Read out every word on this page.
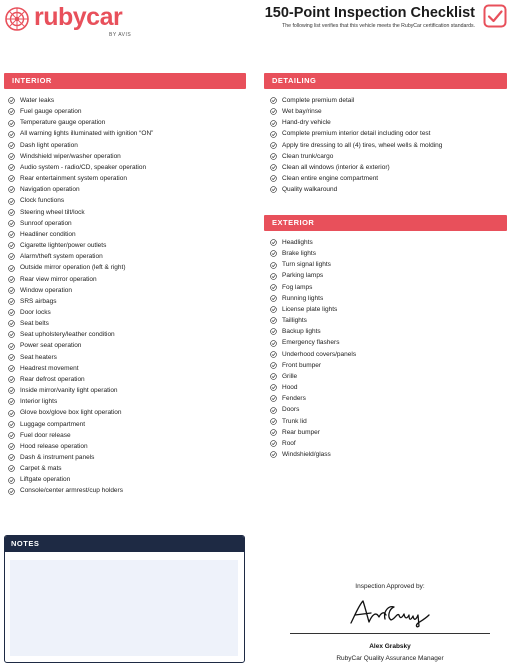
rubycar
BY AVIS
150-Point Inspection Checklist
The following list verifies that this vehicle meets the RubyCar certification standards.
INTERIOR
Water leaks
Fuel gauge operation
Temperature gauge operation
All warning lights illuminated with ignition “ON”
Dash light operation
Windshield wiper/washer operation
Audio system - radio/CD, speaker operation
Rear entertainment system operation
Navigation operation
Clock functions
Steering wheel tilt/lock
Sunroof operation
Headliner condition
Cigarette lighter/power outlets
Alarm/theft system operation
Outside mirror operation (left & right)
Rear view mirror operation
Window operation
SRS airbags
Door locks
Seat belts
Seat upholstery/leather condition
Power seat operation
Seat heaters
Headrest movement
Rear defrost operation
Inside mirror/vanity light operation
Interior lights
Glove box/glove box light operation
Luggage compartment
Fuel door release
Hood release operation
Dash & instrument panels
Carpet & mats
Liftgate operation
Console/center armrest/cup holders
DETAILING
Complete premium detail
Wet bay/rinse
Hand-dry vehicle
Complete premium interior detail including odor test
Apply tire dressing to all (4) tires, wheel wells & molding
Clean trunk/cargo
Clean all windows (interior & exterior)
Clean entire engine compartment
Quality walkaround
EXTERIOR
Headlights
Brake lights
Turn signal lights
Parking lamps
Fog lamps
Running lights
License plate lights
Taillights
Backup lights
Emergency flashers
Underhood covers/panels
Front bumper
Grille
Hood
Fenders
Doors
Trunk lid
Rear bumper
Roof
Windshield/glass
NOTES
Inspection Approved by:
Alex Grabsky
RubyCar Quality Assurance Manager
